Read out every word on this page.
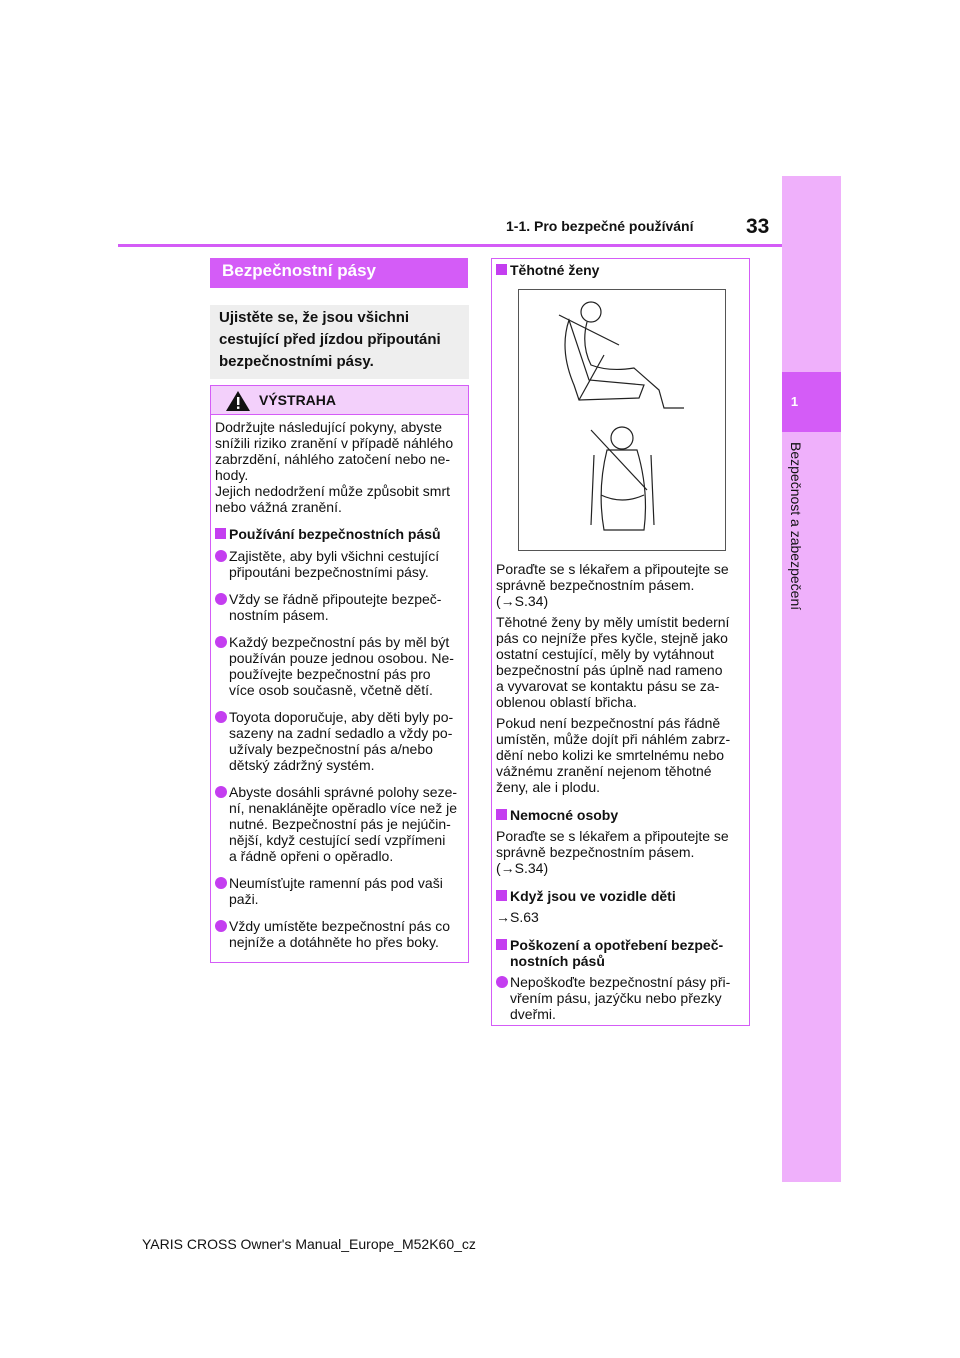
1
Bezpečnost a zabezpečení
1-1. Pro bezpečné používání	33
Bezpečnostní pásy
Ujistěte se, že jsou všichni
cestující před jízdou připoutáni
bezpečnostními pásy.
VÝSTRAHA
Dodržujte následující pokyny, abyste
snížili riziko zranění v případě náhlého
zabrzdění, náhlého zatočení nebo ne-
hody.
Jejich nedodržení může způsobit smrt
nebo vážná zranění.
Používání bezpečnostních pásů
Zajistěte, aby byli všichni cestující
připoutáni bezpečnostními pásy.
Vždy se řádně připoutejte bezpeč-
nostním pásem.
Každý bezpečnostní pás by měl být
používán pouze jednou osobou. Ne-
používejte bezpečnostní pás pro
více osob současně, včetně dětí.
Toyota doporučuje, aby děti byly po-
sazeny na zadní sedadlo a vždy po-
užívaly bezpečnostní pás a/nebo
dětský zádržný systém.
Abyste dosáhli správné polohy seze-
ní, nenaklánějte opěradlo více než je
nutné. Bezpečnostní pás je nejúčin-
nější, když cestující sedí vzpřímeni
a řádně opřeni o opěradlo.
Neumísťujte ramenní pás pod vaši
paži.
Vždy umístěte bezpečnostní pás co
nejníže a dotáhněte ho přes boky.
Těhotné ženy
Poraďte se s lékařem a připoutejte se
správně bezpečnostním pásem.
(→S.34)
Těhotné ženy by měly umístit bederní
pás co nejníže přes kyčle, stejně jako
ostatní cestující, měly by vytáhnout
bezpečnostní pás úplně nad rameno
a vyvarovat se kontaktu pásu se za-
oblenou oblastí břicha.
Pokud není bezpečnostní pás řádně
umístěn, může dojít při náhlém zabrz-
dění nebo kolizi ke smrtelnému nebo
vážnému zranění nejenom těhotné
ženy, ale i plodu.
Nemocné osoby
Poraďte se s lékařem a připoutejte se
správně bezpečnostním pásem.
(→S.34)
Když jsou ve vozidle děti
→S.63
Poškození a opotřebení bezpeč-
nostních pásů
Nepoškoďte bezpečnostní pásy při-
vřením pásu, jazýčku nebo přezky
dveřmi.
YARIS CROSS Owner's Manual_Europe_M52K60_cz
